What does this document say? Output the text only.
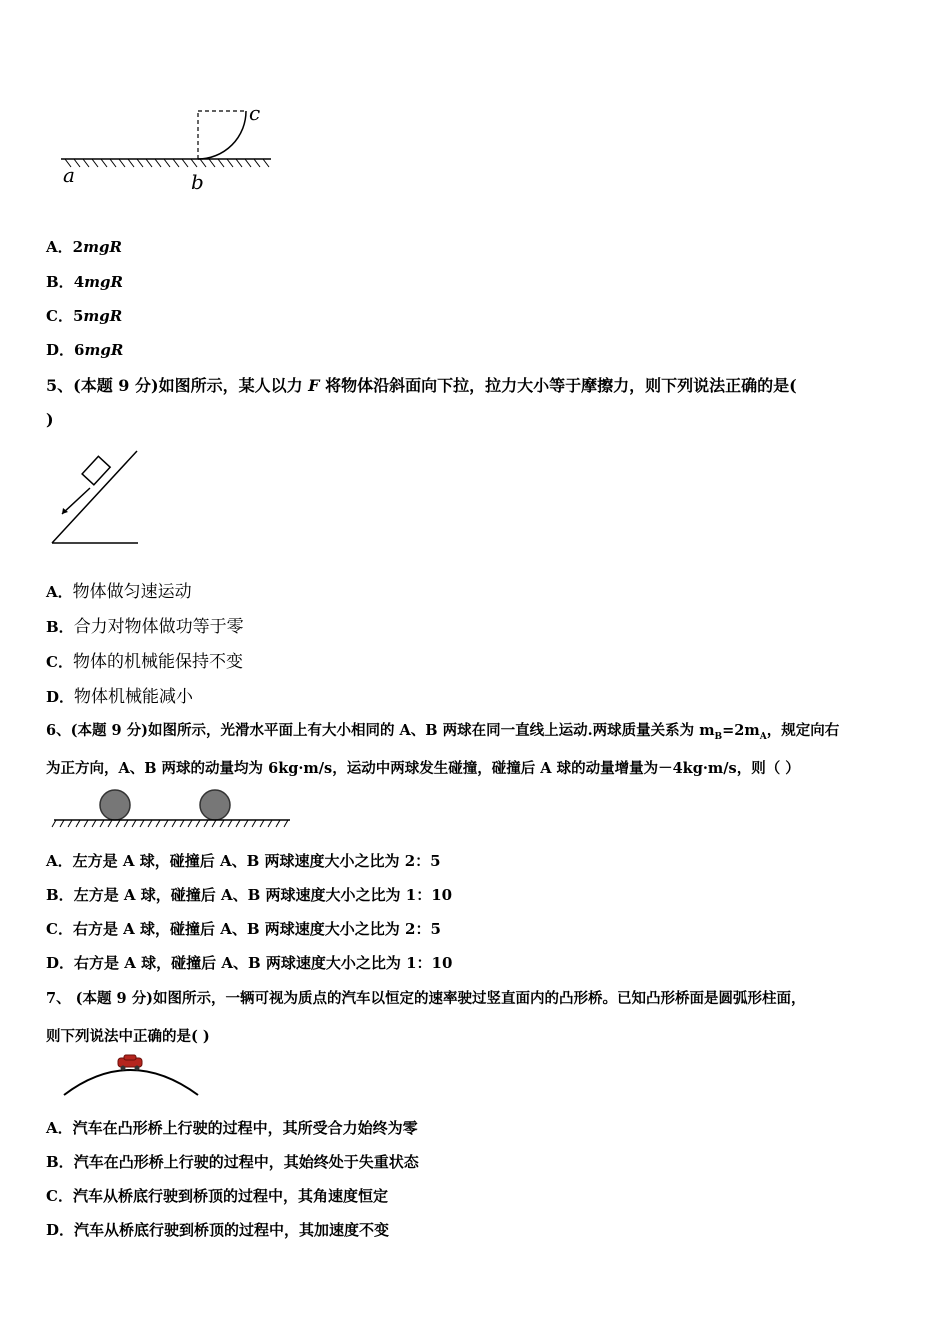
a	b
c
A．2mgR
B．4mgR
C．5mgR
D．6mgR
5、(本题 9 分)如图所示，某人以力 F 将物体沿斜面向下拉，拉力大小等于摩擦力，则下列说法正确的是(
)
A．物体做匀速运动
B．合力对物体做功等于零
C．物体的机械能保持不变
D．物体机械能减小
6、(本题 9 分)如图所示，光滑水平面上有大小相同的 A、B 两球在同一直线上运动.两球质量关系为 $m_B=2m_A$，规定向右
为正方向，A、B 两球的动量均为 6kg·m/s，运动中两球发生碰撞，碰撞后 A 球的动量增量为－4kg·m/s，则（ ）
A．左方是 A 球，碰撞后 A、B 两球速度大小之比为 2：5
B．左方是 A 球，碰撞后 A、B 两球速度大小之比为 1：10
C．右方是 A 球，碰撞后 A、B 两球速度大小之比为 2：5
D．右方是 A 球，碰撞后 A、B 两球速度大小之比为 1：10
7、 (本题 9 分)如图所示，一辆可视为质点的汽车以恒定的速率驶过竖直面内的凸形桥。已知凸形桥面是圆弧形柱面，
则下列说法中正确的是( )
A．汽车在凸形桥上行驶的过程中，其所受合力始终为零
B．汽车在凸形桥上行驶的过程中，其始终处于失重状态
C．汽车从桥底行驶到桥顶的过程中，其角速度恒定
D．汽车从桥底行驶到桥顶的过程中，其加速度不变
